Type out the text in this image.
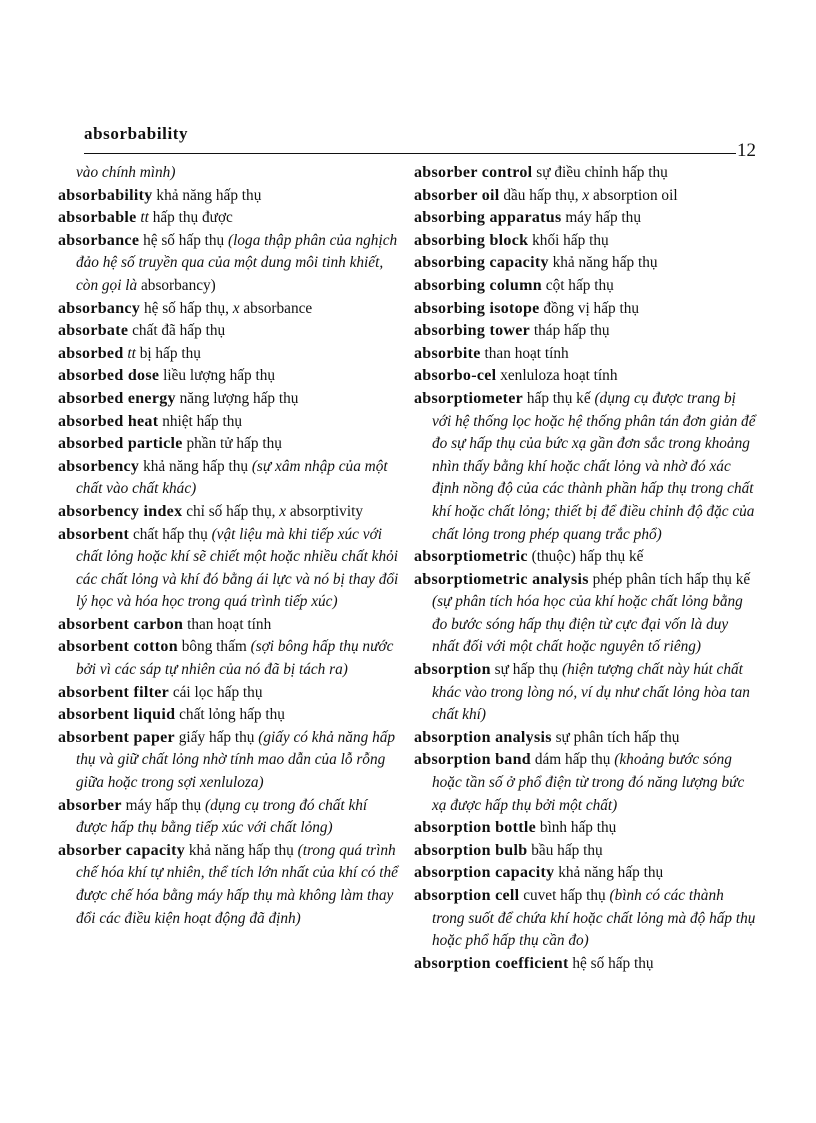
absorbability
12
vào chính mình)
absorbability khả năng hấp thụ
absorbable tt hấp thụ được
absorbance hệ số hấp thụ (loga thập phân của nghịch đảo hệ số truyền qua của một dung môi tinh khiết, còn gọi là absorbancy)
absorbancy hệ số hấp thụ, x absorbance
absorbate chất đã hấp thụ
absorbed tt bị hấp thụ
absorbed dose liều lượng hấp thụ
absorbed energy năng lượng hấp thụ
absorbed heat nhiệt hấp thụ
absorbed particle phần tử hấp thụ
absorbency khả năng hấp thụ (sự xâm nhập của một chất vào chất khác)
absorbency index chỉ số hấp thụ, x absorptivity
absorbent chất hấp thụ (vật liệu mà khi tiếp xúc với chất lỏng hoặc khí sẽ chiết một hoặc nhiều chất khỏi các chất lỏng và khí đó bằng ái lực và nó bị thay đổi lý học và hóa học trong quá trình tiếp xúc)
absorbent carbon than hoạt tính
absorbent cotton bông thấm (sợi bông hấp thụ nước bởi vì các sáp tự nhiên của nó đã bị tách ra)
absorbent filter cái lọc hấp thụ
absorbent liquid chất lỏng hấp thụ
absorbent paper giấy hấp thụ (giấy có khả năng hấp thụ và giữ chất lỏng nhờ tính mao dẫn của lỗ rỗng giữa hoặc trong sợi xenluloza)
absorber máy hấp thụ (dụng cụ trong đó chất khí được hấp thụ bằng tiếp xúc với chất lỏng)
absorber capacity khả năng hấp thụ (trong quá trình chế hóa khí tự nhiên, thể tích lớn nhất của khí có thể được chế hóa bằng máy hấp thụ mà không làm thay đổi các điều kiện hoạt động đã định)
absorber control sự điều chỉnh hấp thụ
absorber oil dầu hấp thụ, x absorption oil
absorbing apparatus máy hấp thụ
absorbing block khối hấp thụ
absorbing capacity khả năng hấp thụ
absorbing column cột hấp thụ
absorbing isotope đồng vị hấp thụ
absorbing tower tháp hấp thụ
absorbite than hoạt tính
absorbo-cel xenluloza hoạt tính
absorptiometer hấp thụ kế (dụng cụ được trang bị với hệ thống lọc hoặc hệ thống phân tán đơn giản để đo sự hấp thụ của bức xạ gần đơn sắc trong khoảng nhìn thấy bằng khí hoặc chất lỏng và nhờ đó xác định nồng độ của các thành phần hấp thụ trong chất khí hoặc chất lỏng; thiết bị để điều chỉnh độ đặc của chất lỏng trong phép quang trắc phổ)
absorptiometric (thuộc) hấp thụ kế
absorptiometric analysis phép phân tích hấp thụ kế (sự phân tích hóa học của khí hoặc chất lỏng bằng đo bước sóng hấp thụ điện từ cực đại vốn là duy nhất đối với một chất hoặc nguyên tố riêng)
absorption sự hấp thụ (hiện tượng chất này hút chất khác vào trong lòng nó, ví dụ như chất lỏng hòa tan chất khí)
absorption analysis sự phân tích hấp thụ
absorption band dám hấp thụ (khoảng bước sóng hoặc tần số ở phổ điện từ trong đó năng lượng bức xạ được hấp thụ bởi một chất)
absorption bottle bình hấp thụ
absorption bulb bầu hấp thụ
absorption capacity khả năng hấp thụ
absorption cell cuvet hấp thụ (bình có các thành trong suốt để chứa khí hoặc chất lỏng mà độ hấp thụ hoặc phổ hấp thụ cần đo)
absorption coefficient hệ số hấp thụ
